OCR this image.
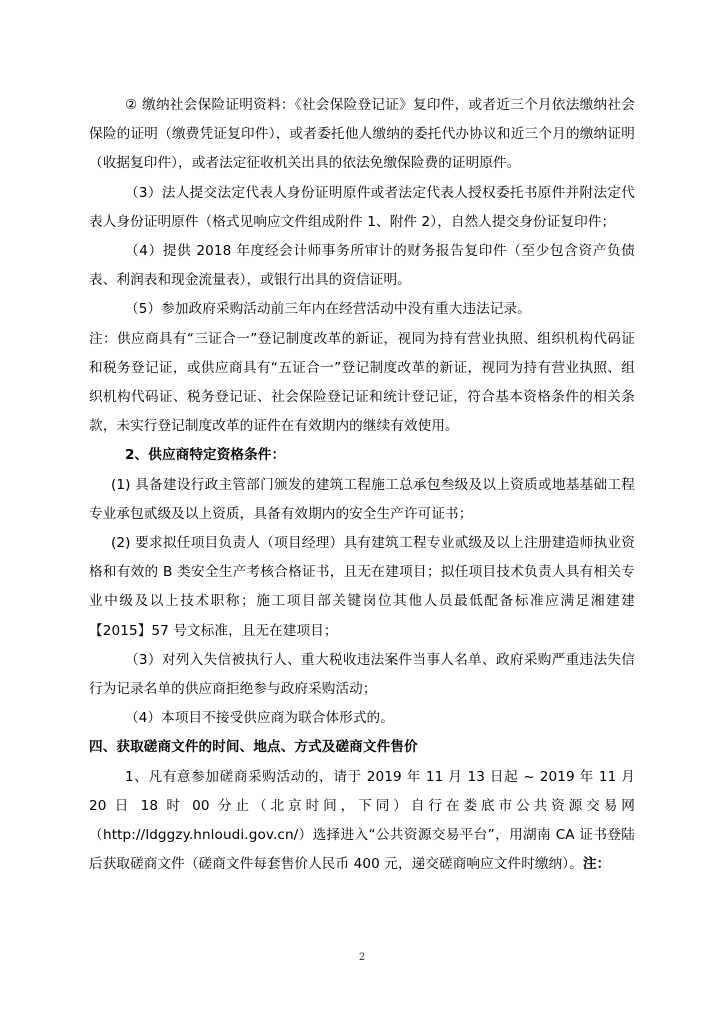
② 缴纳社会保险证明资料：《社会保险登记证》复印件，或者近三个月依法缴纳社会保险的证明（缴费凭证复印件），或者委托他人缴纳的委托代办协议和近三个月的缴纳证明（收据复印件），或者法定征收机关出具的依法免缴保险费的证明原件。

（3）法人提交法定代表人身份证明原件或者法定代表人授权委托书原件并附法定代表人身份证明原件（格式见响应文件组成附件 1、附件 2），自然人提交身份证复印件；

（4）提供 2018 年度经会计师事务所审计的财务报告复印件（至少包含资产负债表、利润表和现金流量表），或银行出具的资信证明。

（5）参加政府采购活动前三年内在经营活动中没有重大违法记录。

注：供应商具有“三证合一”登记制度改革的新证，视同为持有营业执照、组织机构代码证和税务登记证，或供应商具有“五证合一”登记制度改革的新证，视同为持有营业执照、组织机构代码证、税务登记证、社会保险登记证和统计登记证，符合基本资格条件的相关条款，未实行登记制度改革的证件在有效期内的继续有效使用。

2、供应商特定资格条件：

(1) 具备建设行政主管部门颁发的建筑工程施工总承包叁级及以上资质或地基基础工程专业承包贰级及以上资质，具备有效期内的安全生产许可证书；

(2) 要求拟任项目负责人（项目经理）具有建筑工程专业贰级及以上注册建造师执业资格和有效的 B 类安全生产考核合格证书，且无在建项目；拟任项目技术负责人具有相关专业中级及以上技术职称；施工项目部关键岗位其他人员最低配备标准应满足湘建建【2015】57 号文标准，且无在建项目；

（3）对列入失信被执行人、重大税收违法案件当事人名单、政府采购严重违法失信行为记录名单的供应商拒绝参与政府采购活动；

（4）本项目不接受供应商为联合体形式的。

四、获取磋商文件的时间、地点、方式及磋商文件售价

1、凡有意参加磋商采购活动的，请于 2019 年 11 月 13 日起 ~ 2019 年 11 月 20 日 18 时 00 分止（北京时间，下同）自行在娄底市公共资源交易网（http://ldggzy.hnloudi.gov.cn/）选择进入“公共资源交易平台”，用湖南 CA 证书登陆后获取磋商文件（磋商文件每套售价人民币 400 元，递交磋商响应文件时缴纳）。注：

2
